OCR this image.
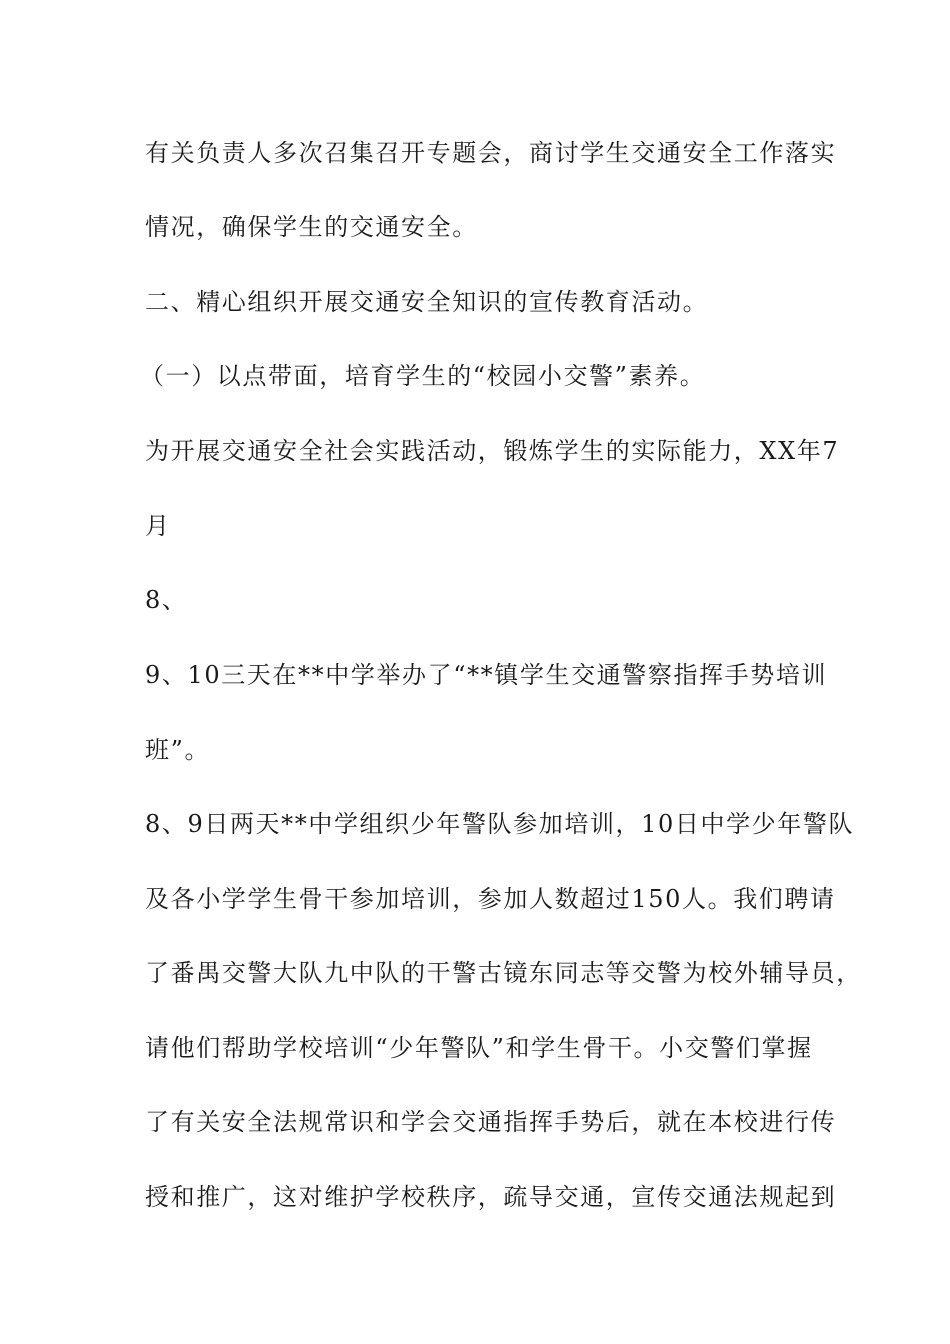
有关负责人多次召集召开专题会，商讨学生交通安全工作落实
情况，确保学生的交通安全。
二、精心组织开展交通安全知识的宣传教育活动。
（一）以点带面，培育学生的“校园小交警”素养。
为开展交通安全社会实践活动，锻炼学生的实际能力，XX年7
月
8、
9、10三天在**中学举办了“**镇学生交通警察指挥手势培训
班”。
8、9日两天**中学组织少年警队参加培训，10日中学少年警队
及各小学学生骨干参加培训，参加人数超过150人。我们聘请
了番禺交警大队九中队的干警古镜东同志等交警为校外辅导员，
请他们帮助学校培训“少年警队”和学生骨干。小交警们掌握
了有关安全法规常识和学会交通指挥手势后，就在本校进行传
授和推广，这对维护学校秩序，疏导交通，宣传交通法规起到
